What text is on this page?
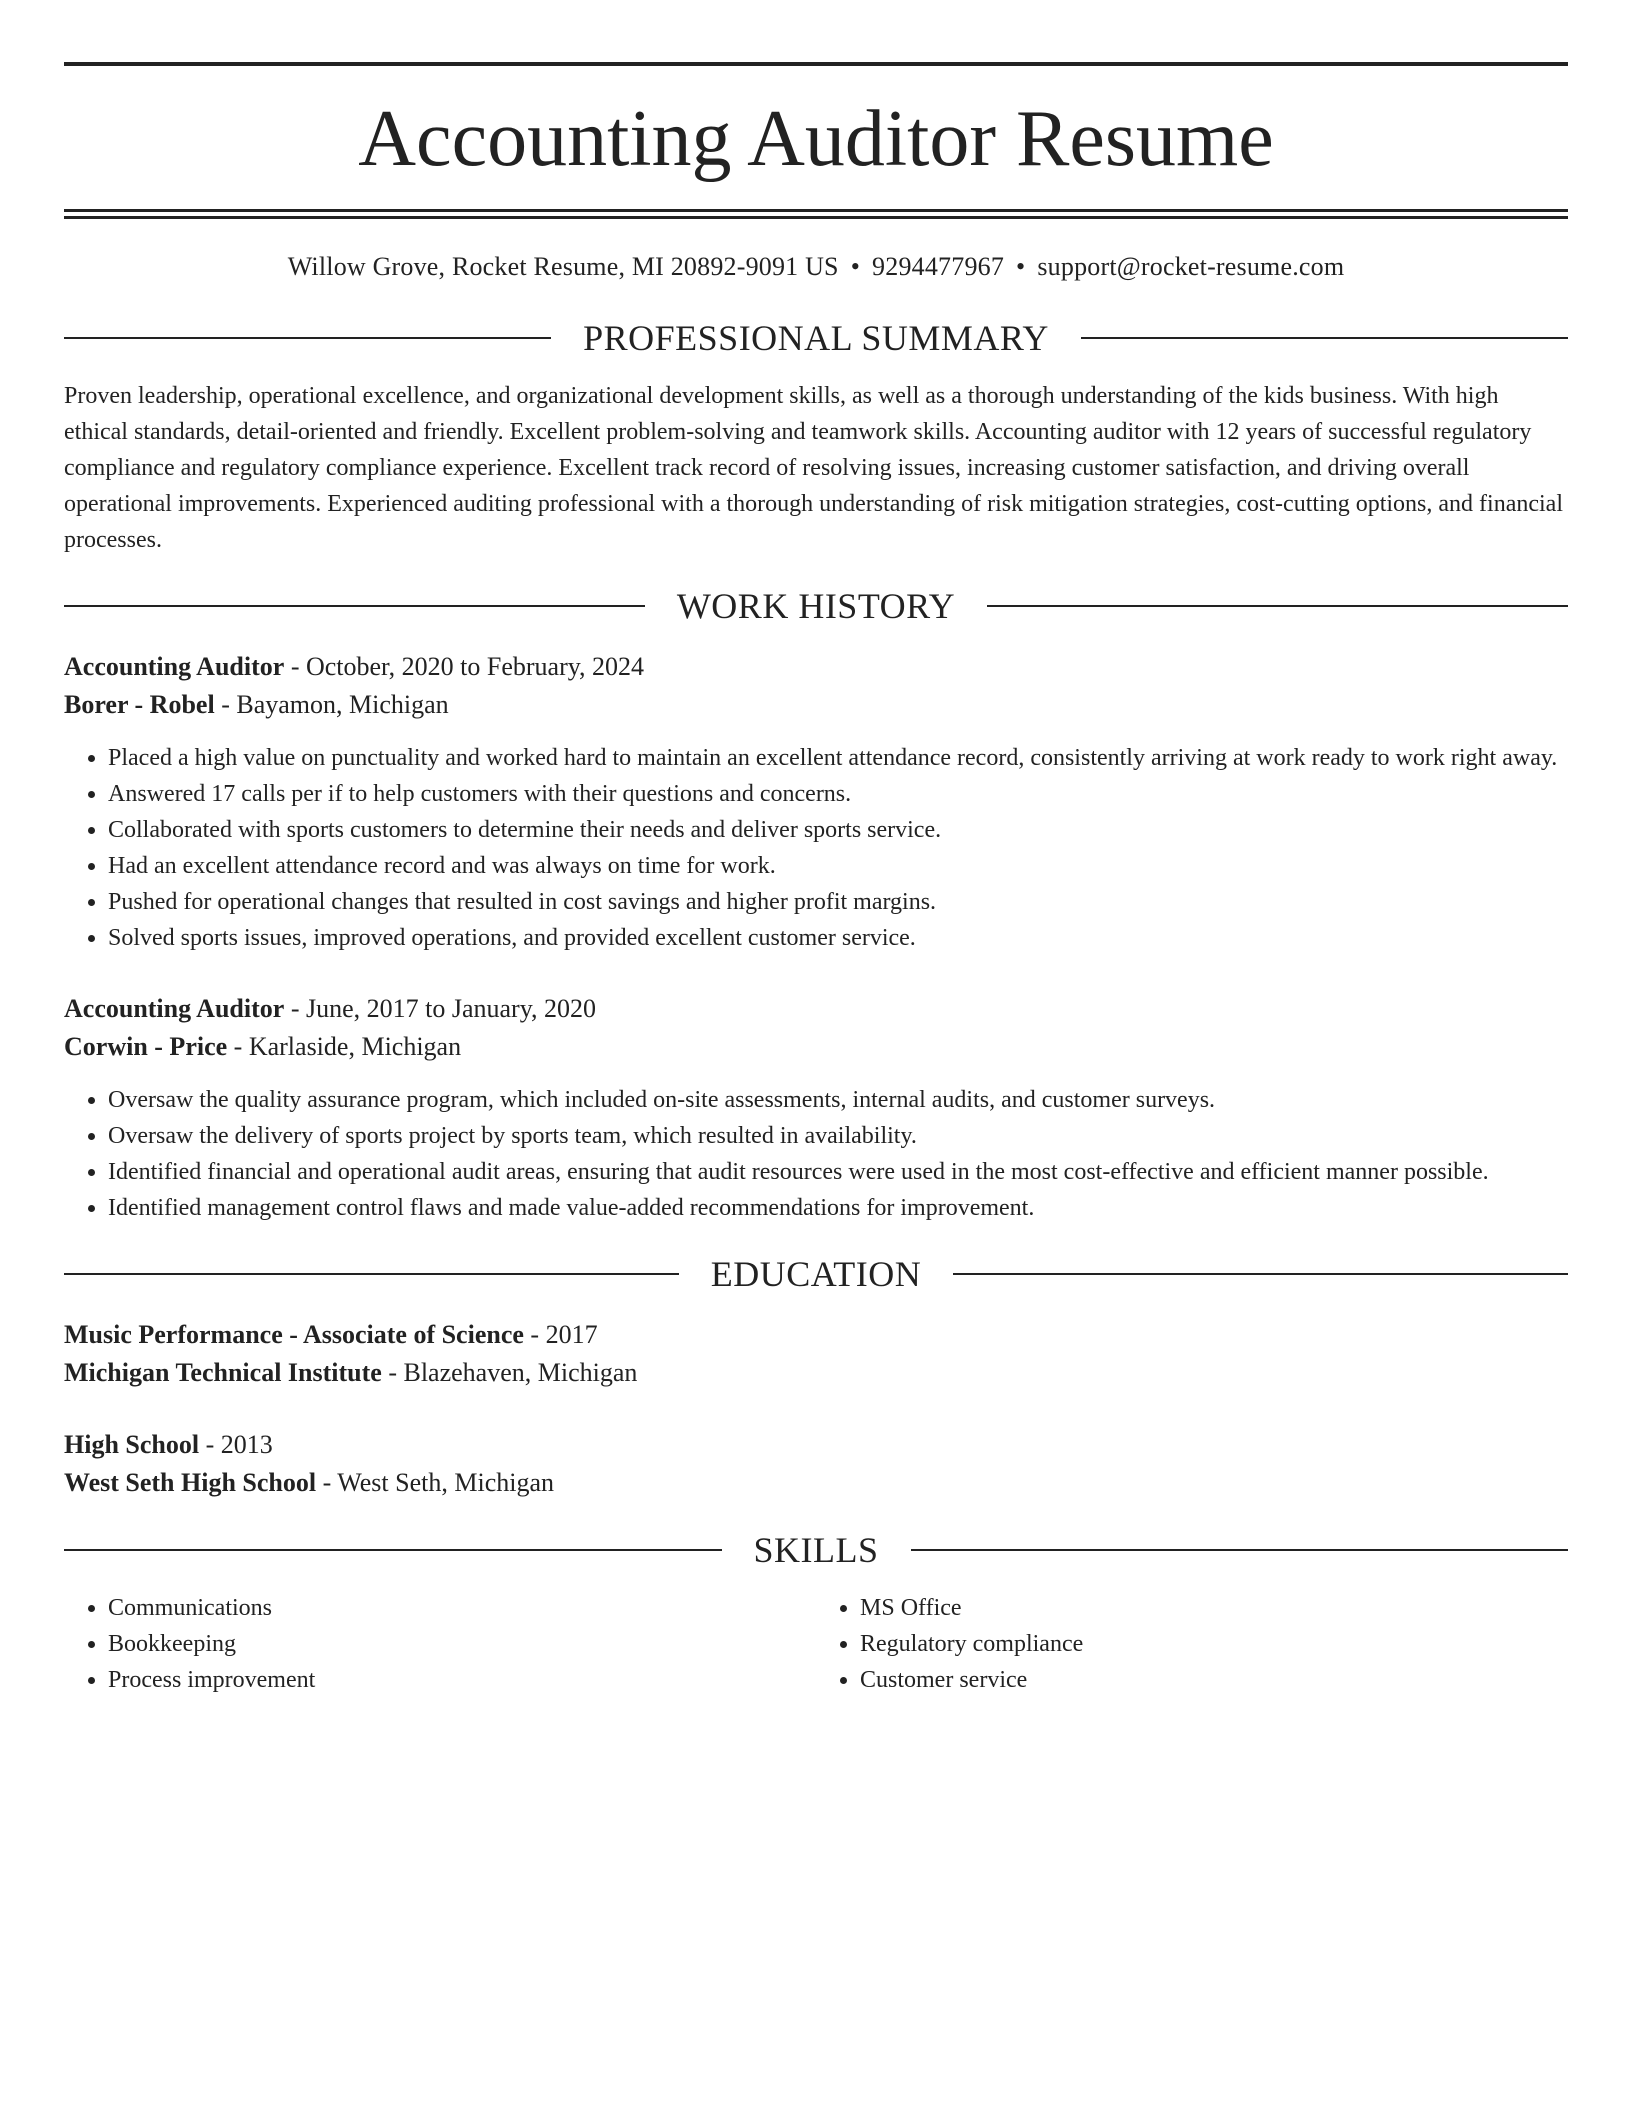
Accounting Auditor Resume
Willow Grove, Rocket Resume, MI 20892-9091 US • 9294477967 • support@rocket-resume.com
PROFESSIONAL SUMMARY
Proven leadership, operational excellence, and organizational development skills, as well as a thorough understanding of the kids business. With high ethical standards, detail-oriented and friendly. Excellent problem-solving and teamwork skills. Accounting auditor with 12 years of successful regulatory compliance and regulatory compliance experience. Excellent track record of resolving issues, increasing customer satisfaction, and driving overall operational improvements. Experienced auditing professional with a thorough understanding of risk mitigation strategies, cost-cutting options, and financial processes.
WORK HISTORY
Accounting Auditor - October, 2020 to February, 2024
Borer - Robel - Bayamon, Michigan
• Placed a high value on punctuality and worked hard to maintain an excellent attendance record, consistently arriving at work ready to work right away.
• Answered 17 calls per if to help customers with their questions and concerns.
• Collaborated with sports customers to determine their needs and deliver sports service.
• Had an excellent attendance record and was always on time for work.
• Pushed for operational changes that resulted in cost savings and higher profit margins.
• Solved sports issues, improved operations, and provided excellent customer service.
Accounting Auditor - June, 2017 to January, 2020
Corwin - Price - Karlaside, Michigan
• Oversaw the quality assurance program, which included on-site assessments, internal audits, and customer surveys.
• Oversaw the delivery of sports project by sports team, which resulted in availability.
• Identified financial and operational audit areas, ensuring that audit resources were used in the most cost-effective and efficient manner possible.
• Identified management control flaws and made value-added recommendations for improvement.
EDUCATION
Music Performance - Associate of Science - 2017
Michigan Technical Institute - Blazehaven, Michigan
High School - 2013
West Seth High School - West Seth, Michigan
SKILLS
• Communications
• Bookkeeping
• Process improvement
• MS Office
• Regulatory compliance
• Customer service
